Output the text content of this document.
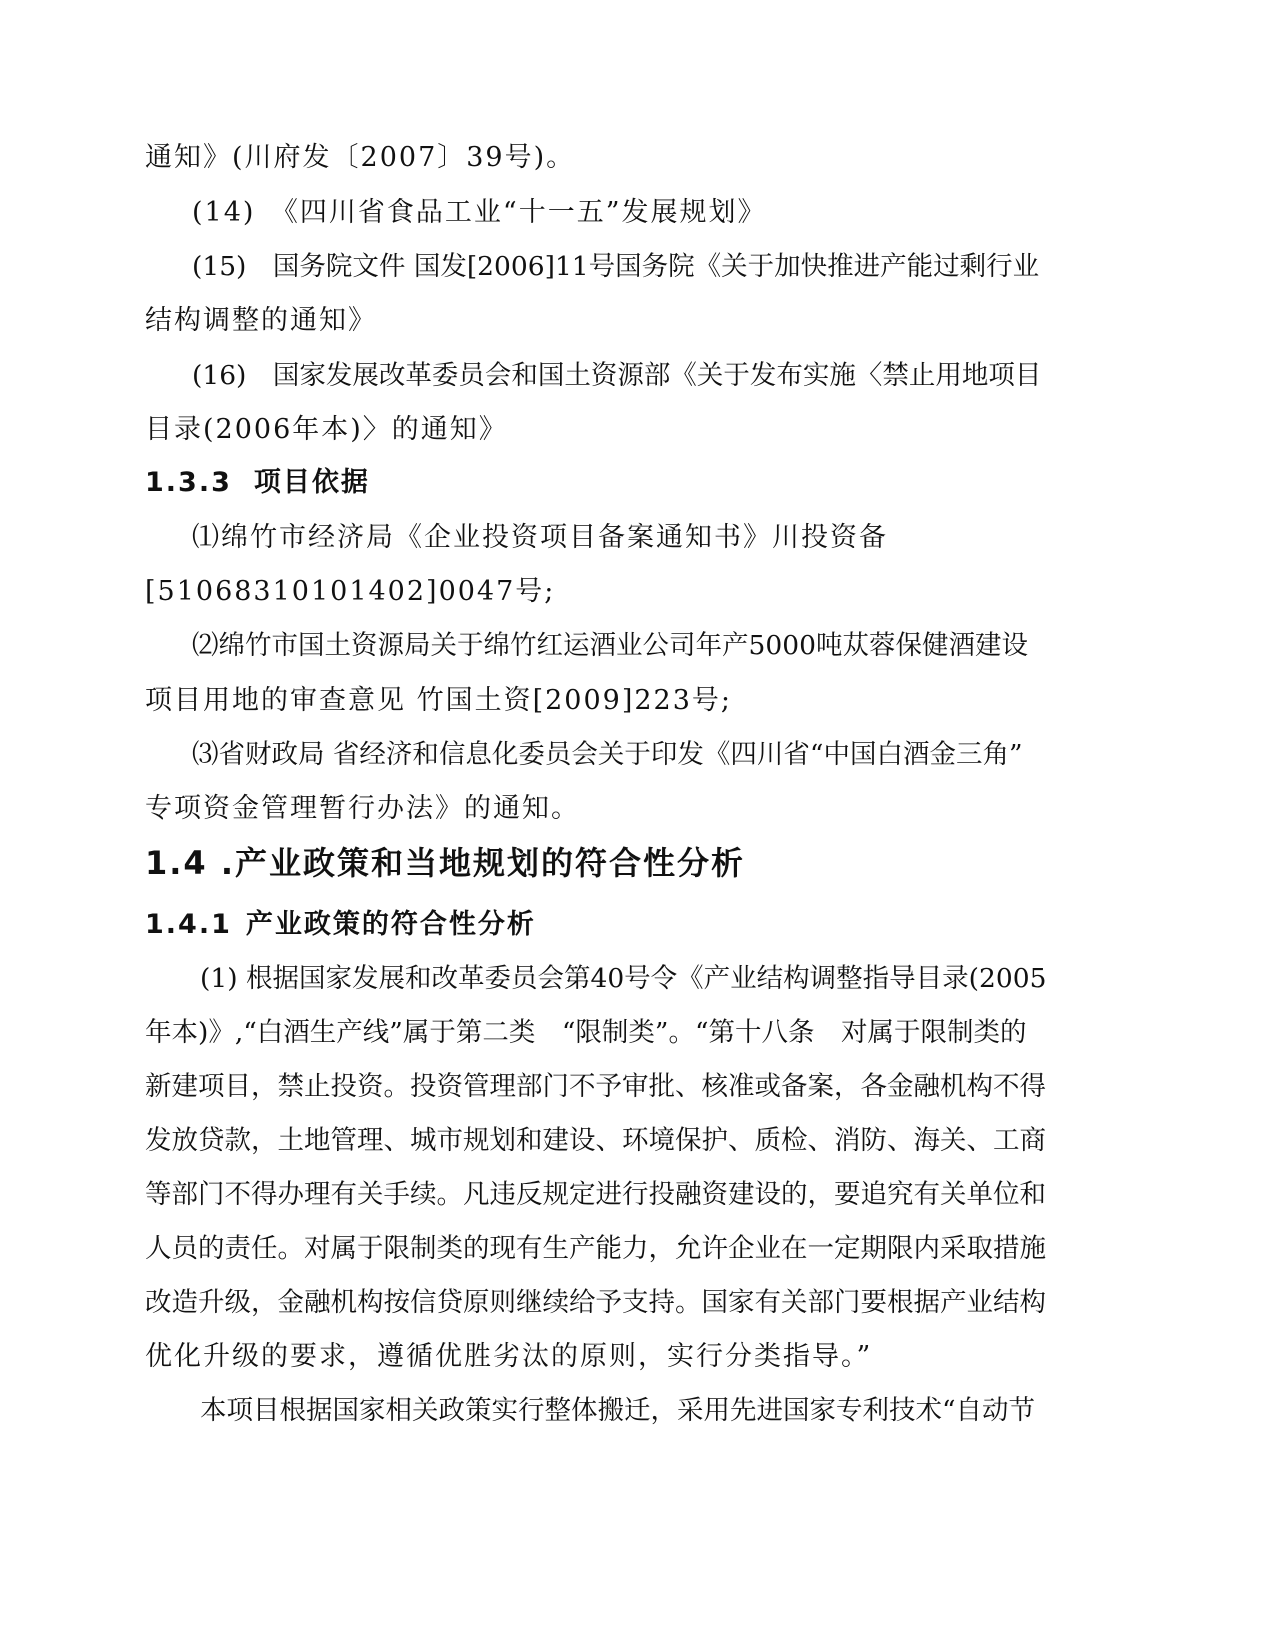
通知》(川府发〔2007〕39号)。
(14)　《四川省食品工业“十一五”发展规划》
(15)　国务院文件 国发[2006]11号国务院《关于加快推进产能过剩行业
结构调整的通知》
(16)　国家发展改革委员会和国土资源部《关于发布实施〈禁止用地项目
目录(2006年本)〉的通知》
1.3.3 项目依据
⑴绵竹市经济局《企业投资项目备案通知书》川投资备
[51068310101402]0047号;
⑵绵竹市国土资源局关于绵竹红运酒业公司年产5000吨苁蓉保健酒建设
项目用地的审查意见 竹国土资[2009]223号;
⑶省财政局 省经济和信息化委员会关于印发《四川省“中国白酒金三角”
专项资金管理暂行办法》的通知。
1.4 .产业政策和当地规划的符合性分析
1.4.1 产业政策的符合性分析
(1) 根据国家发展和改革委员会第40号令《产业结构调整指导目录(2005
年本)》,“白酒生产线”属于第二类　“限制类”。“第十八条　对属于限制类的
新建项目，禁止投资。投资管理部门不予审批、核准或备案，各金融机构不得
发放贷款，土地管理、城市规划和建设、环境保护、质检、消防、海关、工商
等部门不得办理有关手续。凡违反规定进行投融资建设的，要追究有关单位和
人员的责任。对属于限制类的现有生产能力，允许企业在一定期限内采取措施
改造升级，金融机构按信贷原则继续给予支持。国家有关部门要根据产业结构
优化升级的要求，遵循优胜劣汰的原则，实行分类指导。”
本项目根据国家相关政策实行整体搬迁，采用先进国家专利技术“自动节
